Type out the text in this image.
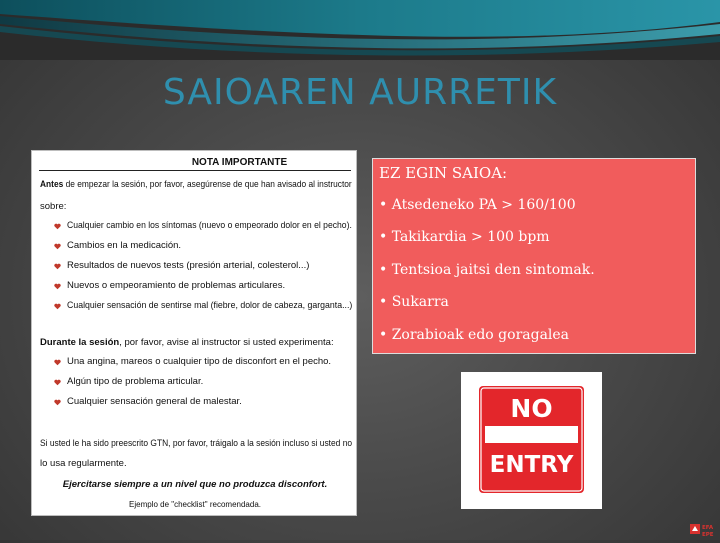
SAIOAREN AURRETIK
NOTA IMPORTANTE
Antes de empezar la sesión, por favor, asegúrense de que han avisado al instructor
sobre:
Cualquier cambio en los síntomas (nuevo o empeorado dolor en el pecho).
Cambios en la medicación.
Resultados de nuevos tests (presión arterial, colesterol...)
Nuevos o empeoramiento de problemas articulares.
Cualquier sensación de sentirse mal (fiebre, dolor de cabeza, garganta...)
Durante la sesión, por favor, avise al instructor si usted experimenta:
Una angina, mareos o cualquier tipo de disconfort en el pecho.
Algún tipo de problema articular.
Cualquier sensación general de malestar.
Si usted le ha sido preescrito GTN, por favor, tráigalo a la sesión incluso si usted no
lo usa regularmente.
Ejercitarse siempre a un nivel que no produzca disconfort.
Ejemplo de "checklist" recomendada.
EZ EGIN SAIOA:
• Atsedeneko PA > 160/100
• Takikardia > 100 bpm
• Tentsioa jaitsi den sintomak.
• Sukarra
• Zorabioak edo goragalea
NO
ENTRY
EFA
EPE
